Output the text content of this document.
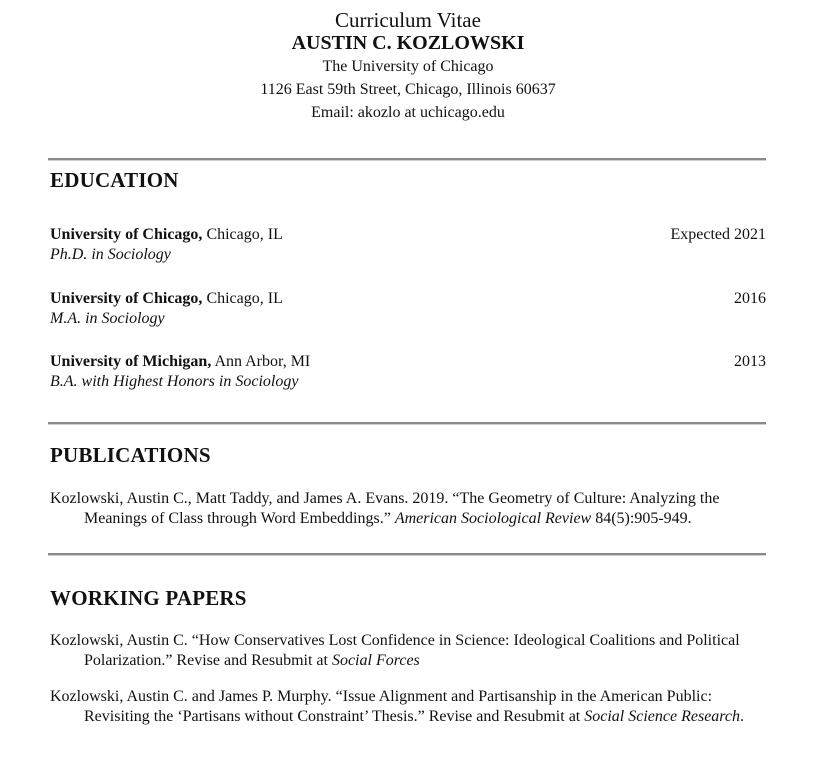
Curriculum Vitae
AUSTIN C. KOZLOWSKI
The University of Chicago
1126 East 59th Street, Chicago, Illinois 60637
Email: akozlo at uchicago.edu
EDUCATION
University of Chicago, Chicago, IL	Expected 2021
Ph.D. in Sociology
University of Chicago, Chicago, IL	2016
M.A. in Sociology
University of Michigan, Ann Arbor, MI	2013
B.A. with Highest Honors in Sociology
PUBLICATIONS
Kozlowski, Austin C., Matt Taddy, and James A. Evans. 2019. “The Geometry of Culture: Analyzing the Meanings of Class through Word Embeddings.” American Sociological Review 84(5):905-949.
WORKING PAPERS
Kozlowski, Austin C. “How Conservatives Lost Confidence in Science: Ideological Coalitions and Political Polarization.” Revise and Resubmit at Social Forces
Kozlowski, Austin C. and James P. Murphy. “Issue Alignment and Partisanship in the American Public: Revisiting the ‘Partisans without Constraint’ Thesis.” Revise and Resubmit at Social Science Research.
